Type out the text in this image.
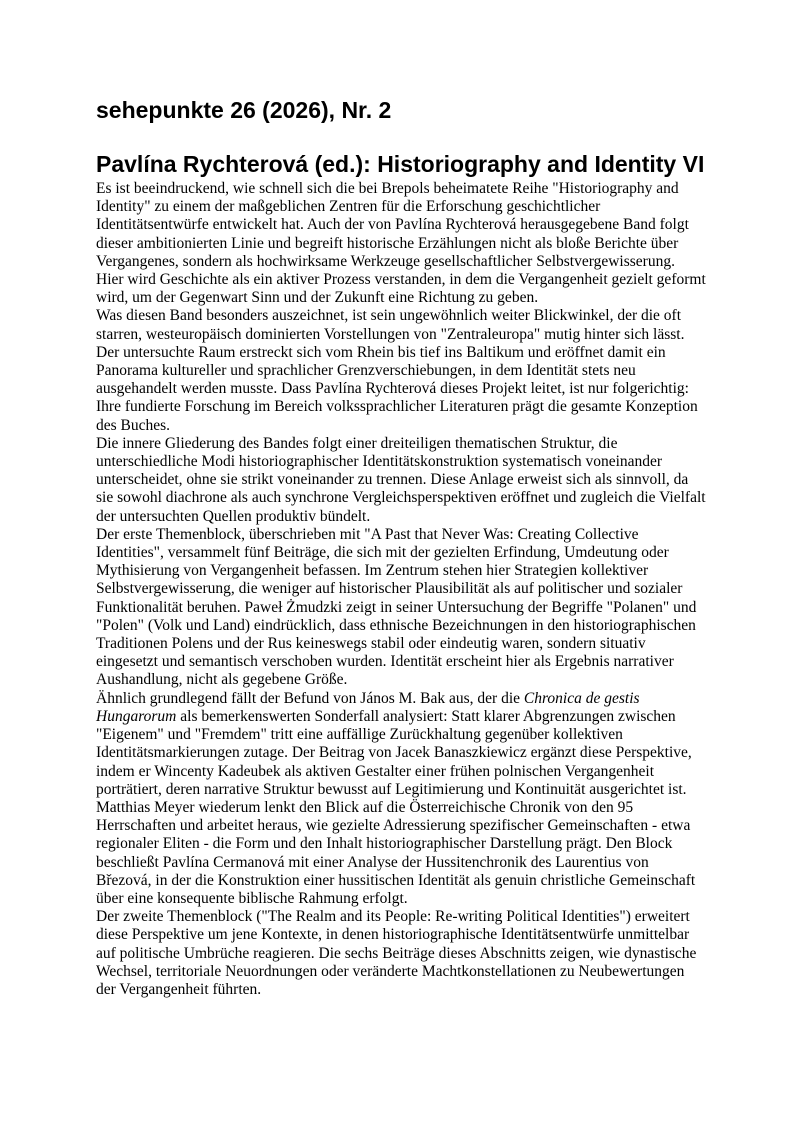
sehepunkte 26 (2026), Nr. 2
Pavlína Rychterová (ed.): Historiography and Identity VI

Es ist beeindruckend, wie schnell sich die bei Brepols beheimatete Reihe "Historiography and Identity" zu einem der maßgeblichen Zentren für die Erforschung geschichtlicher Identitätsentwürfe entwickelt hat. Auch der von Pavlína Rychterová herausgegebene Band folgt dieser ambitionierten Linie und begreift historische Erzählungen nicht als bloße Berichte über Vergangenes, sondern als hochwirksame Werkzeuge gesellschaftlicher Selbstvergewisserung. Hier wird Geschichte als ein aktiver Prozess verstanden, in dem die Vergangenheit gezielt geformt wird, um der Gegenwart Sinn und der Zukunft eine Richtung zu geben.

Was diesen Band besonders auszeichnet, ist sein ungewöhnlich weiter Blickwinkel, der die oft starren, westeuropäisch dominierten Vorstellungen von "Zentraleuropa" mutig hinter sich lässt. Der untersuchte Raum erstreckt sich vom Rhein bis tief ins Baltikum und eröffnet damit ein Panorama kultureller und sprachlicher Grenzverschiebungen, in dem Identität stets neu ausgehandelt werden musste. Dass Pavlína Rychterová dieses Projekt leitet, ist nur folgerichtig: Ihre fundierte Forschung im Bereich volkssprachlicher Literaturen prägt die gesamte Konzeption des Buches.

Die innere Gliederung des Bandes folgt einer dreiteiligen thematischen Struktur, die unterschiedliche Modi historiographischer Identitätskonstruktion systematisch voneinander unterscheidet, ohne sie strikt voneinander zu trennen. Diese Anlage erweist sich als sinnvoll, da sie sowohl diachrone als auch synchrone Vergleichsperspektiven eröffnet und zugleich die Vielfalt der untersuchten Quellen produktiv bündelt.

Der erste Themenblock, überschrieben mit "A Past that Never Was: Creating Collective Identities", versammelt fünf Beiträge, die sich mit der gezielten Erfindung, Umdeutung oder Mythisierung von Vergangenheit befassen. Im Zentrum stehen hier Strategien kollektiver Selbstvergewisserung, die weniger auf historischer Plausibilität als auf politischer und sozialer Funktionalität beruhen. Paweł Żmudzki zeigt in seiner Untersuchung der Begriffe "Polanen" und "Polen" (Volk und Land) eindrücklich, dass ethnische Bezeichnungen in den historiographischen Traditionen Polens und der Rus keineswegs stabil oder eindeutig waren, sondern situativ eingesetzt und semantisch verschoben wurden. Identität erscheint hier als Ergebnis narrativer Aushandlung, nicht als gegebene Größe.

Ähnlich grundlegend fällt der Befund von János M. Bak aus, der die Chronica de gestis Hungarorum als bemerkenswerten Sonderfall analysiert: Statt klarer Abgrenzungen zwischen "Eigenem" und "Fremdem" tritt eine auffällige Zurückhaltung gegenüber kollektiven Identitätsmarkierungen zutage. Der Beitrag von Jacek Banaszkiewicz ergänzt diese Perspektive, indem er Wincenty Kadeubek als aktiven Gestalter einer frühen polnischen Vergangenheit porträtiert, deren narrative Struktur bewusst auf Legitimierung und Kontinuität ausgerichtet ist. Matthias Meyer wiederum lenkt den Blick auf die Österreichische Chronik von den 95 Herrschaften und arbeitet heraus, wie gezielte Adressierung spezifischer Gemeinschaften - etwa regionaler Eliten - die Form und den Inhalt historiographischer Darstellung prägt. Den Block beschließt Pavlína Cermanová mit einer Analyse der Hussitenchronik des Laurentius von Březová, in der die Konstruktion einer hussitischen Identität als genuin christliche Gemeinschaft über eine konsequente biblische Rahmung erfolgt.

Der zweite Themenblock ("The Realm and its People: Re-writing Political Identities") erweitert diese Perspektive um jene Kontexte, in denen historiographische Identitätsentwürfe unmittelbar auf politische Umbrüche reagieren. Die sechs Beiträge dieses Abschnitts zeigen, wie dynastische Wechsel, territoriale Neuordnungen oder veränderte Machtkonstellationen zu Neubewertungen der Vergangenheit führten.
